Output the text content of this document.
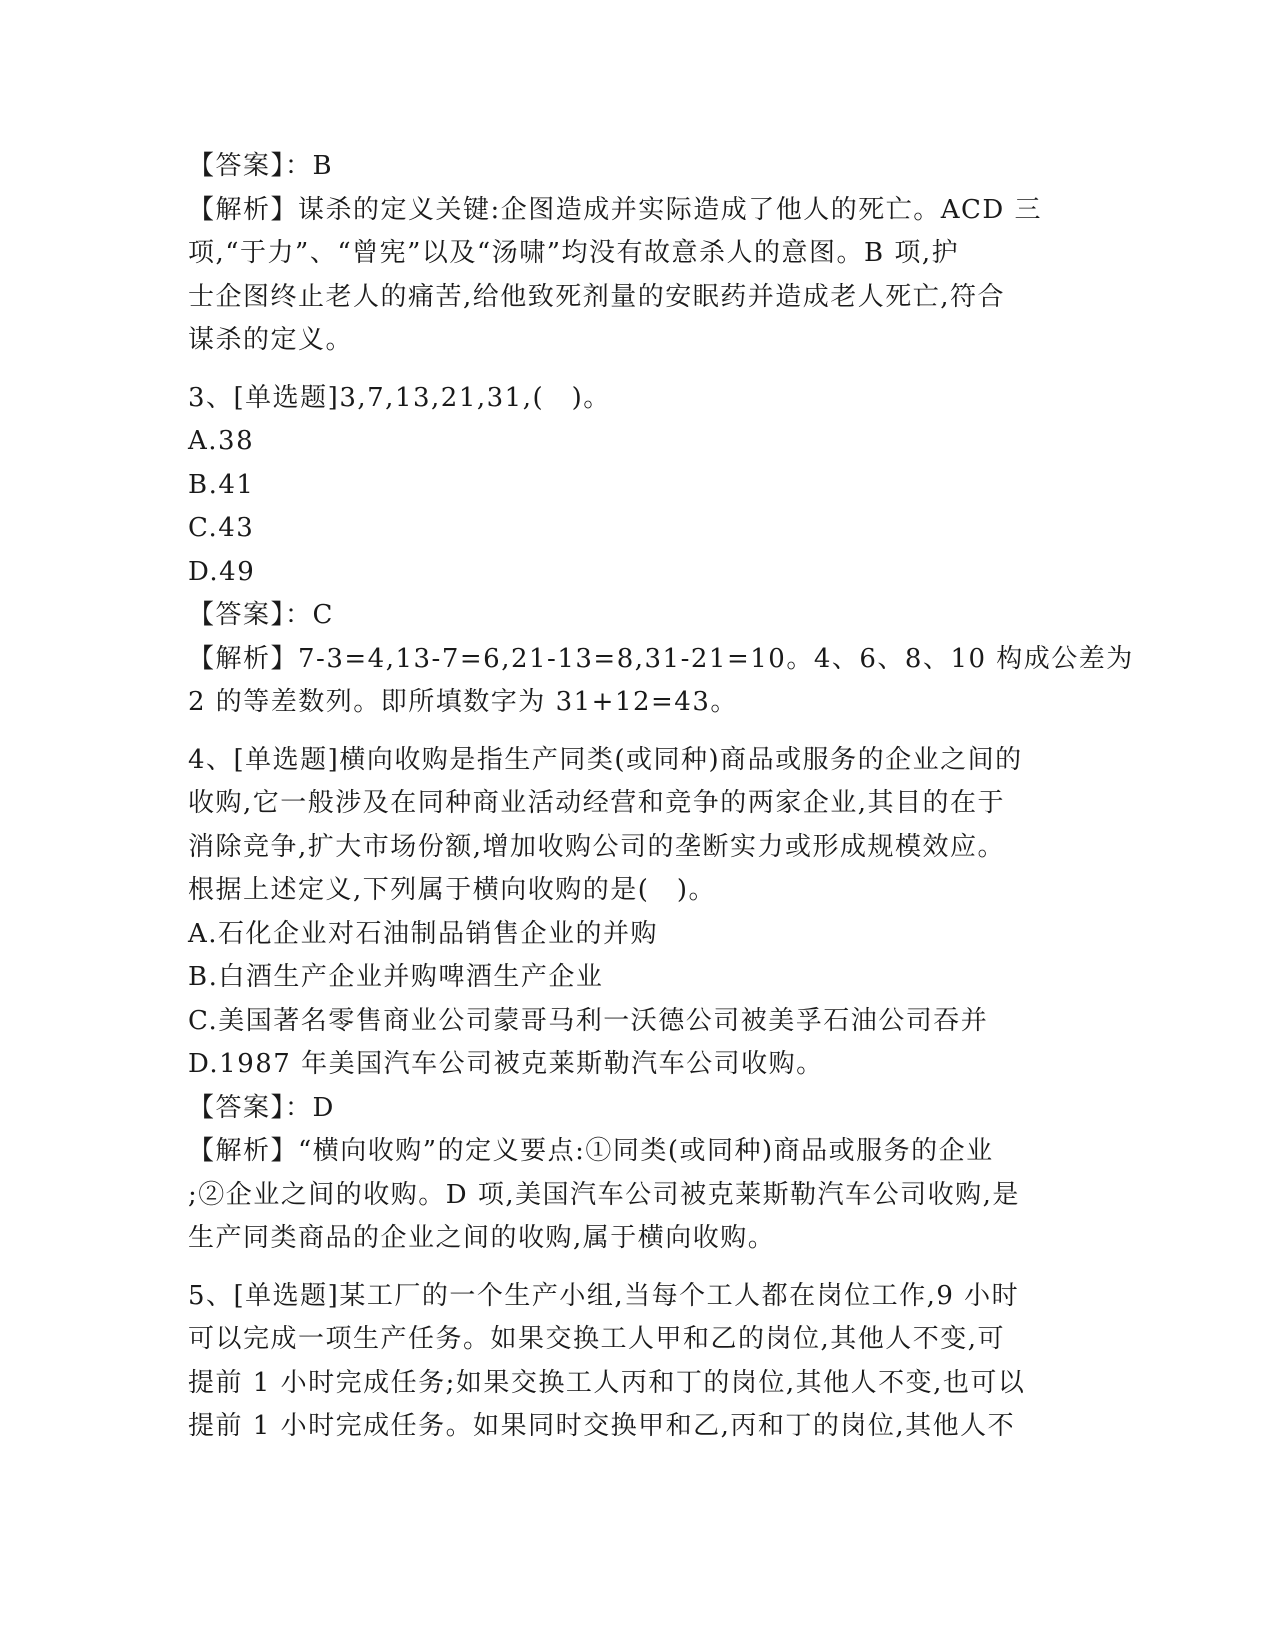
【答案】：B
【解析】谋杀的定义关键:企图造成并实际造成了他人的死亡。ACD 三
项,“于力”、“曾宪”以及“汤啸”均没有故意杀人的意图。B 项,护
士企图终止老人的痛苦,给他致死剂量的安眠药并造成老人死亡,符合
谋杀的定义。
3、[单选题]3,7,13,21,31,(　)。
A.38
B.41
C.43
D.49
【答案】：C
【解析】7-3=4,13-7=6,21-13=8,31-21=10。4、6、8、10 构成公差为
2 的等差数列。即所填数字为 31+12=43。
4、[单选题]横向收购是指生产同类(或同种)商品或服务的企业之间的
收购,它一般涉及在同种商业活动经营和竞争的两家企业,其目的在于
消除竞争,扩大市场份额,增加收购公司的垄断实力或形成规模效应。
根据上述定义,下列属于横向收购的是(　)。
A.石化企业对石油制品销售企业的并购
B.白酒生产企业并购啤酒生产企业
C.美国著名零售商业公司蒙哥马利一沃德公司被美孚石油公司吞并
D.1987 年美国汽车公司被克莱斯勒汽车公司收购。
【答案】：D
【解析】“横向收购”的定义要点:①同类(或同种)商品或服务的企业
;②企业之间的收购。D 项,美国汽车公司被克莱斯勒汽车公司收购,是
生产同类商品的企业之间的收购,属于横向收购。
5、[单选题]某工厂的一个生产小组,当每个工人都在岗位工作,9 小时
可以完成一项生产任务。如果交换工人甲和乙的岗位,其他人不变,可
提前 1 小时完成任务;如果交换工人丙和丁的岗位,其他人不变,也可以
提前 1 小时完成任务。如果同时交换甲和乙,丙和丁的岗位,其他人不
